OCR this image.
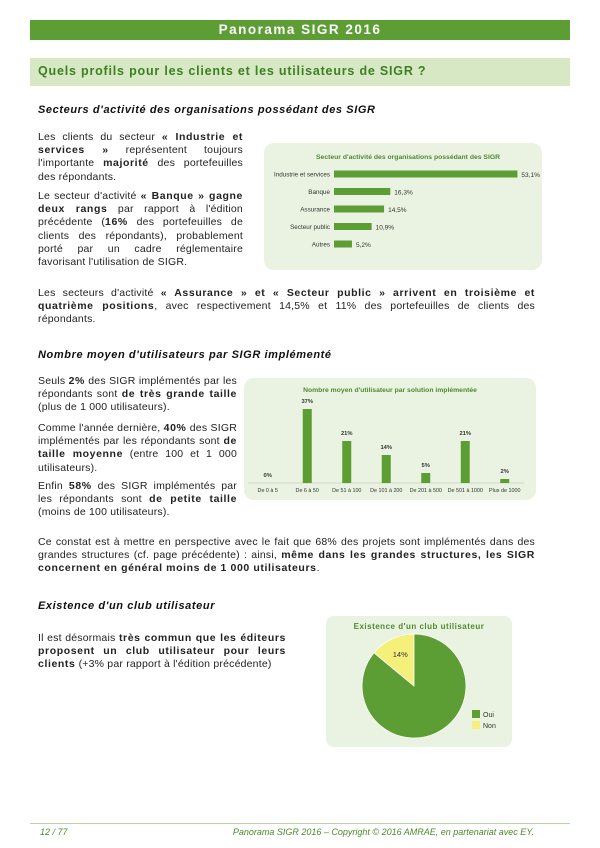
Panorama SIGR 2016
Quels profils pour les clients et les utilisateurs de SIGR ?
Secteurs d'activité des organisations possédant des SIGR
Les clients du secteur « Industrie et services » représentent toujours l'importante majorité des portefeuilles des répondants.
Le secteur d'activité « Banque » gagne deux rangs par rapport à l'édition précédente (16% des portefeuilles de clients des répondants), probablement porté par un cadre réglementaire favorisant l'utilisation de SIGR.
Les secteurs d'activité « Assurance » et « Secteur public » arrivent en troisième et quatrième positions, avec respectivement 14,5% et 11% des portefeuilles de clients des répondants.
Secteur d'activité des organisations possédant des SIGR
Industrie et services	53,1%
Banque	16,3%
Assurance	14,5%
Secteur public	10,9%
Autres	5,2%
Nombre moyen d'utilisateurs par SIGR implémenté
Seuls 2% des SIGR implémentés par les répondants sont de très grande taille (plus de 1 000 utilisateurs).
Comme l'année dernière, 40% des SIGR implémentés par les répondants sont de taille moyenne (entre 100 et 1 000 utilisateurs).
Enfin 58% des SIGR implémentés par les répondants sont de petite taille (moins de 100 utilisateurs).
Nombre moyen d'utilisateur par solution implémentée
0%
De 0 à 5
37%
De 6 à 50
21%
De 51 à 100
14%
De 101 à 200
5%
De 201 à 500
21%
De 501 à 1000
2%
Plus de 1000
Ce constat est à mettre en perspective avec le fait que 68% des projets sont implémentés dans des grandes structures (cf. page précédente) : ainsi, même dans les grandes structures, les SIGR concernent en général moins de 1 000 utilisateurs.
Existence d'un club utilisateur
Il est désormais très commun que les éditeurs proposent un club utilisateur pour leurs clients (+3% par rapport à l'édition précédente)
Existence d'un club utilisateur
14%
86%
Oui
Non
12 / 77	Panorama SIGR 2016 – Copyright © 2016 AMRAE, en partenariat avec EY.
